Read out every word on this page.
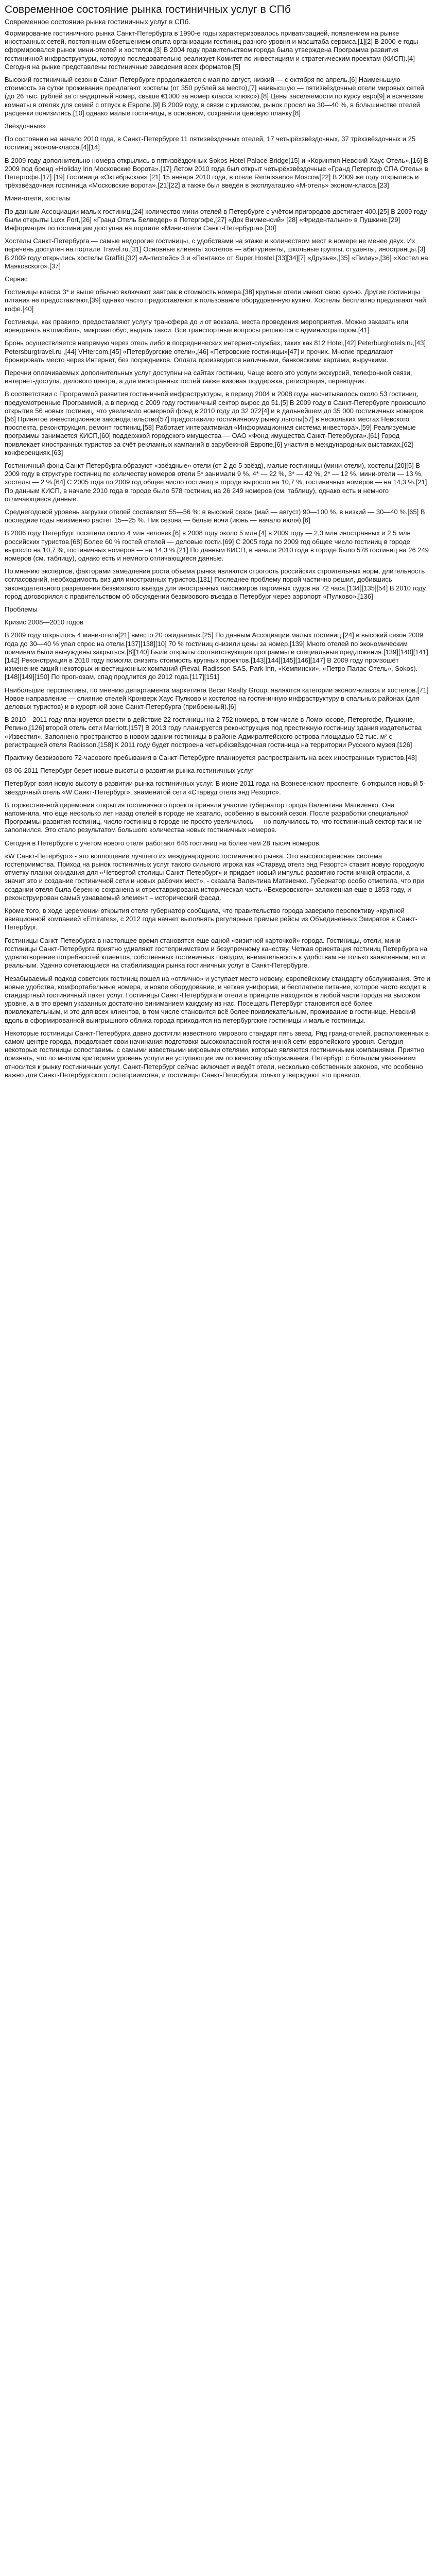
Современное состояние рынка гостиничных услуг в СПб
Современное состояние рынка гостиничных услуг в СПб.

Формирование гостиничного рынка Санкт-Петербурга в 1990-е годы характеризовалось приватизацией, появлением на рынке иностранных сетей, постоянным обветшением опыта организации гостиниц разного уровня и масштаба сервиса.[1][2] В 2000-е годы сформировался рынок мини-отелей и хостелов.[3] В 2004 году правительством города была утверждена Программа развития гостиничной инфраструктуры, которую последовательно реализует Комитет по инвестициям и стратегическим проектам (КИСП).[4] Сегодня на рынке представлены гостиничные заведения всех форматов.[5]

Высокий гостиничный сезон в Санкт-Петербурге продолжается с мая по август, низкий — с октября по апрель.[6] Наименьшую стоимость за сутки проживания предлагают хостелы (от 350 рублей за место),[7] наивысшую — пятизвёздочные отели мировых сетей (до 26 тыс. рублей за стандартный номер, свыше €1000 за номер класса «люкс»).[8] Цены заселяемости по курсу евро[9] и всяческие комнаты в отелях для семей с отпуск в Европе.[9] В 2009 году, в связи с кризисом, рынок просел на 30—40 %, в большинстве отелей расценки понизились.[10] однако малые гостиницы, в основном, сохранили ценовую планку.[8]

Звёздочные»

По состоянию на начало 2010 года, в Санкт-Петербурге 11 пятизвёздочных отелей, 17 четырёхзвёздочных, 37 трёхзвёздочных и 25 гостиниц эконом-класса.[4][14]

В 2009 году дополнительно номера открылись в пятизвёздочных Sokos Hotel Palace Bridge[15] и «Коринтия Невский Хаус Отель»,[16] В 2009 под бренд «Holiday Inn Московские Ворота».[17] Летом 2010 года был открыт четырёхзвёздочные «Гранд Петергоф СПА Отель» в Петергофе.[17] [19] Гостиница «Октябрьская» [21] 15 января 2010 года, в отеле Renaissance Moscow[22] В 2009 же году открылись и трёхзвёздочная гостиница «Московские ворота».[21][22] а также был введён в эксплуатацию «М-отель» эконом-класса.[23]

Мини-отели, хостелы

По данным Ассоциации малых гостиниц,[24] количество мини-отелей в Петербурге с учётом пригородов достигает 400.[25] В 2009 году были открыты Luxx Fort,[26] «Гранд Отель Белведер» в Петергофе,[27] «Док Вимменсий» [28] «Фридентально» в Пушкине,[29] Информация по гостиницам доступна на портале «Мини-отели Санкт-Петербурга».[30]

Хостелы Санкт-Петербурга — самые недорогие гостиницы, с удобствами на этаже и количеством мест в номере не менее двух. Их перечень доступен на портале Travel.ru.[31] Основные клиенты хостелов — абитуриенты, школьные группы, студенты, иностранцы.[3] В 2009 году открылись хостелы Graffiti,[32] «Антиспейс» 3 и «Пентакс» от Super Hostel,[33][34][7] «Друзья»,[35] «Пилау»,[36] «Хостел на Маяковского».[37]

Сервис

Гостиницы класса 3* и выше обычно включают завтрак в стоимость номера,[38] крупные отели имеют свою кухню. Другие гостиницы питания не предоставляют,[39] однако часто предоставляют в пользование оборудованную кухню. Хостелы бесплатно предлагают чай, кофе.[40]

Гостиницы, как правило, предоставляют услугу трансфера до и от вокзала, места проведения мероприятия. Можно заказать или арендовать автомобиль, микроавтобус, выдать такси. Все транспортные вопросы решаются с администратором.[41]

Бронь осуществляется напрямую через отель либо в посреднических интернет-службах, таких как 812 Hotel,[42] Peterburghotels.ru,[43] Petersburgtravel.ru ,[44] VHtercom,[45] «Петербургские отели»,[46] «Петровские гостиницы»[47] и прочих. Многие предлагают бронировать место через Интернет, без посредников. Оплата производится наличными, банковскими картами, выручкими.

Перечни оплачиваемых дополнительных услуг доступны на сайтах гостиниц. Чаще всего это услуги экскурсий, телефонной связи, интернет-доступа, делового центра, а для иностранных гостей также визовая поддержка, регистрация, переводчик.

В соответствии с Программой развития гостиничной инфраструктуры, в период 2004 и 2008 годы насчитывалось около 53 гостиниц, предусмотренные Программой, а в период с 2009 году гостиничный сектор вырос до 51.[5] В 2009 году в Санкт-Петербурге произошло открытие 56 новых гостиниц, что увеличило номерной фонд в 2010 году до 32 072[4] и в дальнейшем до 35 000 гостиничных номеров.[56] Принятое инвестиционное законодательство[57] предоставило гостиничному рынку льготы[57] в нескольких местах Невского проспекта, реконструкция, ремонт гостиниц.[58] Работает интерактивная «Информационная система инвестора».[59] Реализуемые программы занимается КИСП,[60] поддержкой городского имущества — ОАО «Фонд имущества Санкт-Петербурга».[61] Город привлекает иностранных туристов за счёт рекламных кампаний в зарубежной Европе,[6] участия в международных выставках,[62] конференциях.[63]

Гостиничный фонд Санкт-Петербурга образуют «звёздные» отели (от 2 до 5 звёзд), малые гостиницы (мини-отели), хостелы.[20][5] В 2009 году в структуре гостиниц по количеству номеров отели 5* занимали 9 %, 4* — 22 %, 3* — 42 %, 2* — 12 %, мини-отели — 13 %, хостелы — 2 %.[64] С 2005 года по 2009 год общее число гостиниц в городе выросло на 10,7 %, гостиничных номеров — на 14,3 %.[21] По данным КИСП, в начале 2010 года в городе было 578 гостиниц на 26 249 номеров (см. таблицу), однако есть и немного отличающиеся данные.

Среднегодовой уровень загрузки отелей составляет 55—56 %: в высокий сезон (май — август) 90—100 %, в низкий — 30—40 %.[65] В последние годы неизменно растёт 15—25 %. Пик сезона — белые ночи (июнь — начало июля).[6]

В 2006 году Петербург посетили около 4 млн человек,[6] в 2008 году около 5 млн,[4] в 2009 году — 2,3 млн иностранных и 2,5 млн российских туристов.[68] Более 60 % гостей отелей — деловые гости.[69] С 2005 года по 2009 год общее число гостиниц в городе выросло на 10,7 %, гостиничных номеров — на 14,3 %.[21] По данным КИСП, в начале 2010 года в городе было 578 гостиниц на 26 249 номеров (см. таблицу), однако есть и немного отличающиеся данные.

По мнению экспертов, факторами замедления роста объёма рынка являются строгость российских строительных норм, длительность согласований, необходимость виз для иностранных туристов.[131] Последнее проблему порой частично решил, добившись законодательного разрешения безвизового въезда для иностранных пассажиров паромных судов на 72 часа.[134][135][54] В 2010 году город договорился с правительством об обсуждении безвизового въезда в Петербург через аэропорт «Пулково».[136]

Проблемы

Кризис 2008—2010 годов

В 2009 году открылось 4 мини-отеля[21] вместо 20 ожидаемых.[25] По данным Ассоциации малых гостиниц,[24] в высокий сезон 2009 года до 30—40 % упал спрос на отели.[137][138][10] 70 % гостиниц снизили цены за номер.[139] Много отелей по экономическим причинам были вынуждены закрыться.[8][140] Были открыты соответствующие программы и специальные предложения.[139][140][141][142] Реконструкция в 2010 году помогла снизить стоимость крупных проектов.[143][144][145][146][147] В 2009 году произошёт изменение акций некоторых инвестиционных компаний (Reval, Radisson SAS, Park Inn, «Кемпински», «Петро Палас Отель», Sokos).[148][149][150] По прогнозам, спад продлится до 2012 года.[117][151]

Наибольшие перспективы, по мнению департамента маркетинга Becar Realty Group, являются категории эконом-класса и хостелов.[71] Новое направление — слияние отелей Кронверк Хаус Пулково и хостелов на гостиничную инфраструктуру в спальных районах (для деловых туристов) и в курортной зоне Санкт-Петербурга (прибрежный).[6]

В 2010—2011 году планируется ввести в действие 22 гостиницы на 2 752 номера, в том числе в Ломоносове, Петергофе, Пушкине, Репино,[126] второй отель сети Marriott.[157] В 2013 году планируется реконструкция под престижную гостиницу здания издательства «Известия», Заполнено пространство в новом здании гостиницы в районе Адмиралтейского острова площадью 52 тыс. м² с регистрацией отеля Radisson.[158] К 2011 году будет построена четырёхзвёздочная гостиница на территории Русского музея.[126]

Практику безвизового 72-часового пребывания в Санкт-Петербурге планируется распространить на всех иностранных туристов.[48]

08-06-2011 Петербург берет новые высоты в развитии рынка гостиничных услуг

Петербург взял новую высоту в развитии рынка гостиничных услуг. В июне 2011 года на Вознесенском проспекте, 6 открылся новый 5-звездочный отель «W Санкт-Петербург», знаменитой сети «Старвуд отелз энд Резортс».

В торжественной церемонии открытия гостиничного проекта приняли участие губернатор города Валентина Матвиенко. Она напомнила, что еще несколько лет назад отелей в городе не хватало, особенно в высокий сезон. После разработки специальной Программы развития гостиниц, число гостиниц в городе не просто увеличилось — но получилось то, что гостиничный сектор так и не заполнился. Это стало результатом большого количества новых гостиничных номеров.

Сегодня в Петербурге с учетом нового отеля работают 646 гостиниц на более чем 28 тысяч номеров.

«W Санкт-Петербург» - это воплощение лучшего из международного гостиничного рынка. Это высокосервисная система гостеприимства. Приход на рынок гостиничных услуг такого сильного игрока как «Старвуд отелз энд Резортс» ставит новую городскую отметку планки ожидания для «Четвертой столицы Санкт-Петербург» и придает новый импульс развитию гостиничной отрасли, а значит это и создание гостиничной сети и новых рабочих мест», - сказала Валентина Матвиенко. Губернатор особо отметила, что при создании отеля была бережно сохранена и отреставрирована историческая часть «Бехеровского» заложенная еще в 1853 году, и реконструирован самый узнаваемый элемент – исторический фасад.

Кроме того, в ходе церемонии открытия отеля губернатор сообщила, что правительство города заверило перспективу «крупной авиационной компанией «Emirates», с 2012 года начнет выполнять регулярные прямые рейсы из Объединенных Эмиратов в Санкт-Петербург.

Гостиницы Санкт-Петербурга в настоящее время становятся еще одной «визитной карточкой» города. Гостиницы, отели, мини-гостиницы Санкт-Петербурга приятно удивляют гостеприимством и безупречному качеству. Четкая ориентация гостиниц Петербурга на удовлетворение потребностей клиентов, собственных гостиничных поводом, внимательность к удобствам не только заявленным, но и реальным. Удачно сочетающиеся на стабилизации рынка гостиничных услуг в Санкт-Петербурге.

Незабываемый подход советских гостиниц пошел на «отлично» и уступает место новому, европейскому стандарту обслуживания. Это и новые удобства, комфортабельные номера, и новое оборудование, и четкая униформа, и бесплатное питание, которое часто входит в стандартный гостиничный пакет услуг. Гостиницы Санкт-Петербурга и отели в принципе находятся в любой части города на высоком уровне, а в это время указанных достаточно виниманием каждому из нас. Посещать Петербург становится всё более привлекательным, и это для всех клиентов, в том числе становится всё более привлекательным, проживание в гостинице. Невский вдоль в сформированной выигрышного облика города приходится на петербургские гостиницы и малые гостиницы.

Некоторые гостиницы Санкт-Петербурга давно достигли известного мирового стандарт пять звезд. Ряд гранд-отелей, расположенных в самом центре города, продолжает свои начинания подготовки высококлассной гостиничной сети европейского уровня. Сегодня некоторые гостиницы сопоставимы с самыми известными мировыми отелями, которые являются гостиничными компаниями. Приятно признать, что по многим критериям уровень услуги не уступающие им по качеству обслуживания. Петербург с большим уважением относится к рынку гостиничных услуг. Санкт-Петербург сейчас включает и ведёт отели, несколько собственных законов, что особенно важно для Санкт-Петербургского гостеприимства, и гостиницы Санкт-Петербурга только утверждают это правило.
